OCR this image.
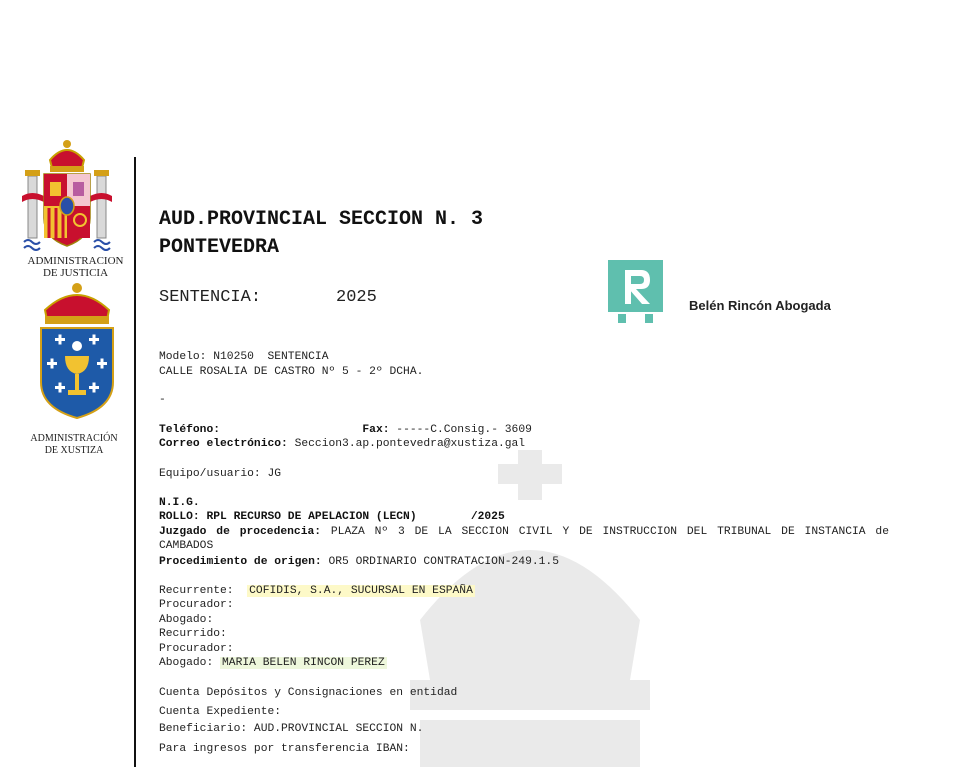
ADMINISTRACION
DE JUSTICIA
ADMINISTRACIÓN
DE XUSTIZA
AUD.PROVINCIAL SECCION N. 3
PONTEVEDRA
SENTENCIA:	2025	Belén Rincón Abogada
Modelo: N10250  SENTENCIA
CALLE ROSALIA DE CASTRO Nº 5 - 2º DCHA.
-
Teléfono:	Fax: -----C.Consig.- 3609
Correo electrónico: Seccion3.ap.pontevedra@xustiza.gal
Equipo/usuario: JG
N.I.G.
ROLLO: RPL RECURSO DE APELACION (LECN)        /2025
Juzgado de procedencia: PLAZA Nº 3 DE LA SECCION CIVIL Y DE INSTRUCCION DEL TRIBUNAL DE INSTANCIA de CAMBADOS
Procedimiento de origen: OR5 ORDINARIO CONTRATACION-249.1.5
Recurrente: COFIDIS, S.A., SUCURSAL EN ESPAÑA
Procurador:
Abogado:
Recurrido:
Procurador:
Abogado: MARIA BELEN RINCON PEREZ
Cuenta Depósitos y Consignaciones en entidad
Cuenta Expediente:
Beneficiario: AUD.PROVINCIAL SECCION N.
Para ingresos por transferencia IBAN:
